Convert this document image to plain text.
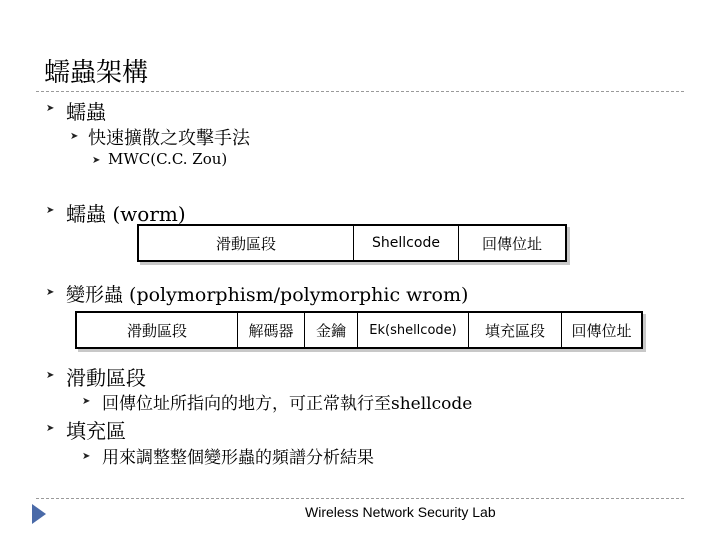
蠕蟲架構
➤ 蠕蟲
➤ 快速擴散之攻擊手法
➤ MWC(C.C. Zou)
➤ 蠕蟲 (worm)
滑動區段	Shellcode	回傳位址
➤ 變形蟲 (polymorphism/polymorphic wrom)
滑動區段	解碼器	金鑰	Ek(shellcode)	填充區段	回傳位址
➤ 滑動區段
➤ 回傳位址所指向的地方，可正常執行至shellcode
➤ 填充區
➤ 用來調整整個變形蟲的頻譜分析結果
Wireless Network Security Lab
